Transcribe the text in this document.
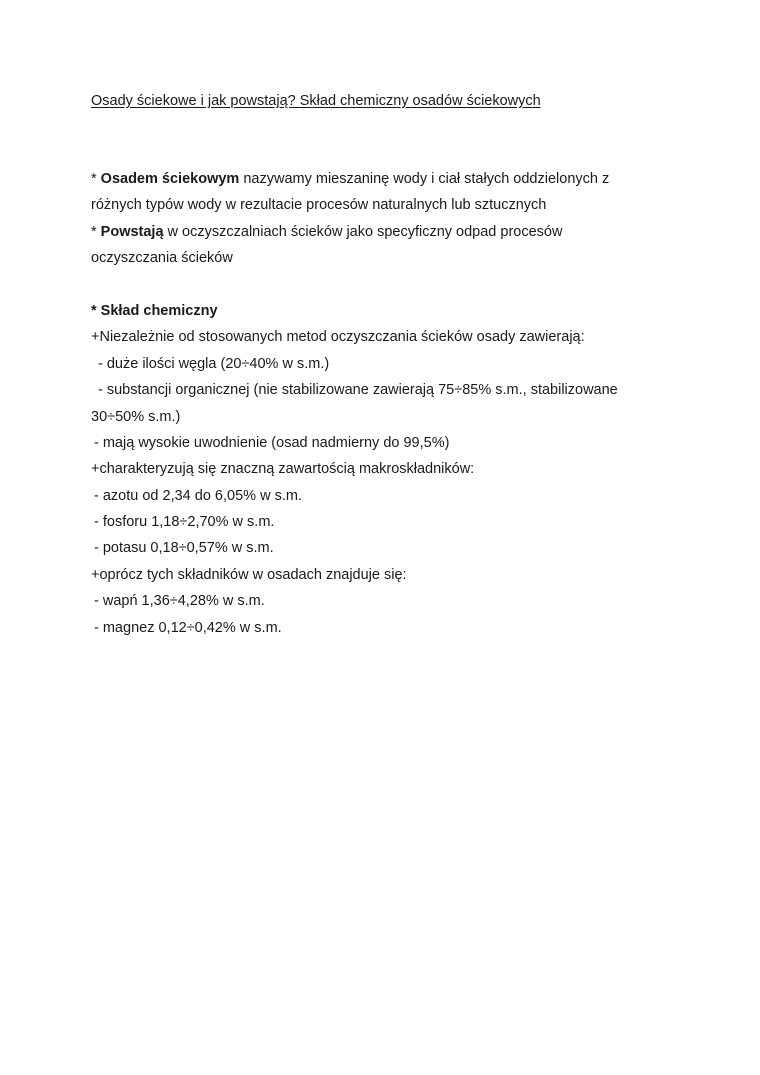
Osady ściekowe i jak powstają? Skład chemiczny osadów ściekowych
* Osadem ściekowym nazywamy mieszaninę wody i ciał stałych oddzielonych z
różnych typów wody w rezultacie procesów naturalnych lub sztucznych
* Powstają w oczyszczalniach ścieków jako specyficzny odpad procesów
oczyszczania ścieków
* Skład chemiczny
+Niezależnie od stosowanych metod oczyszczania ścieków osady zawierają:
- duże ilości węgla (20÷40% w s.m.)
- substancji organicznej (nie stabilizowane zawierają 75÷85% s.m., stabilizowane
30÷50% s.m.)
- mają wysokie uwodnienie (osad nadmierny do 99,5%)
+charakteryzują się znaczną zawartością makroskładników:
- azotu od 2,34 do 6,05% w s.m.
- fosforu 1,18÷2,70% w s.m.
- potasu 0,18÷0,57% w s.m.
+oprócz tych składników w osadach znajduje się:
- wapń 1,36÷4,28% w s.m.
- magnez 0,12÷0,42% w s.m.
